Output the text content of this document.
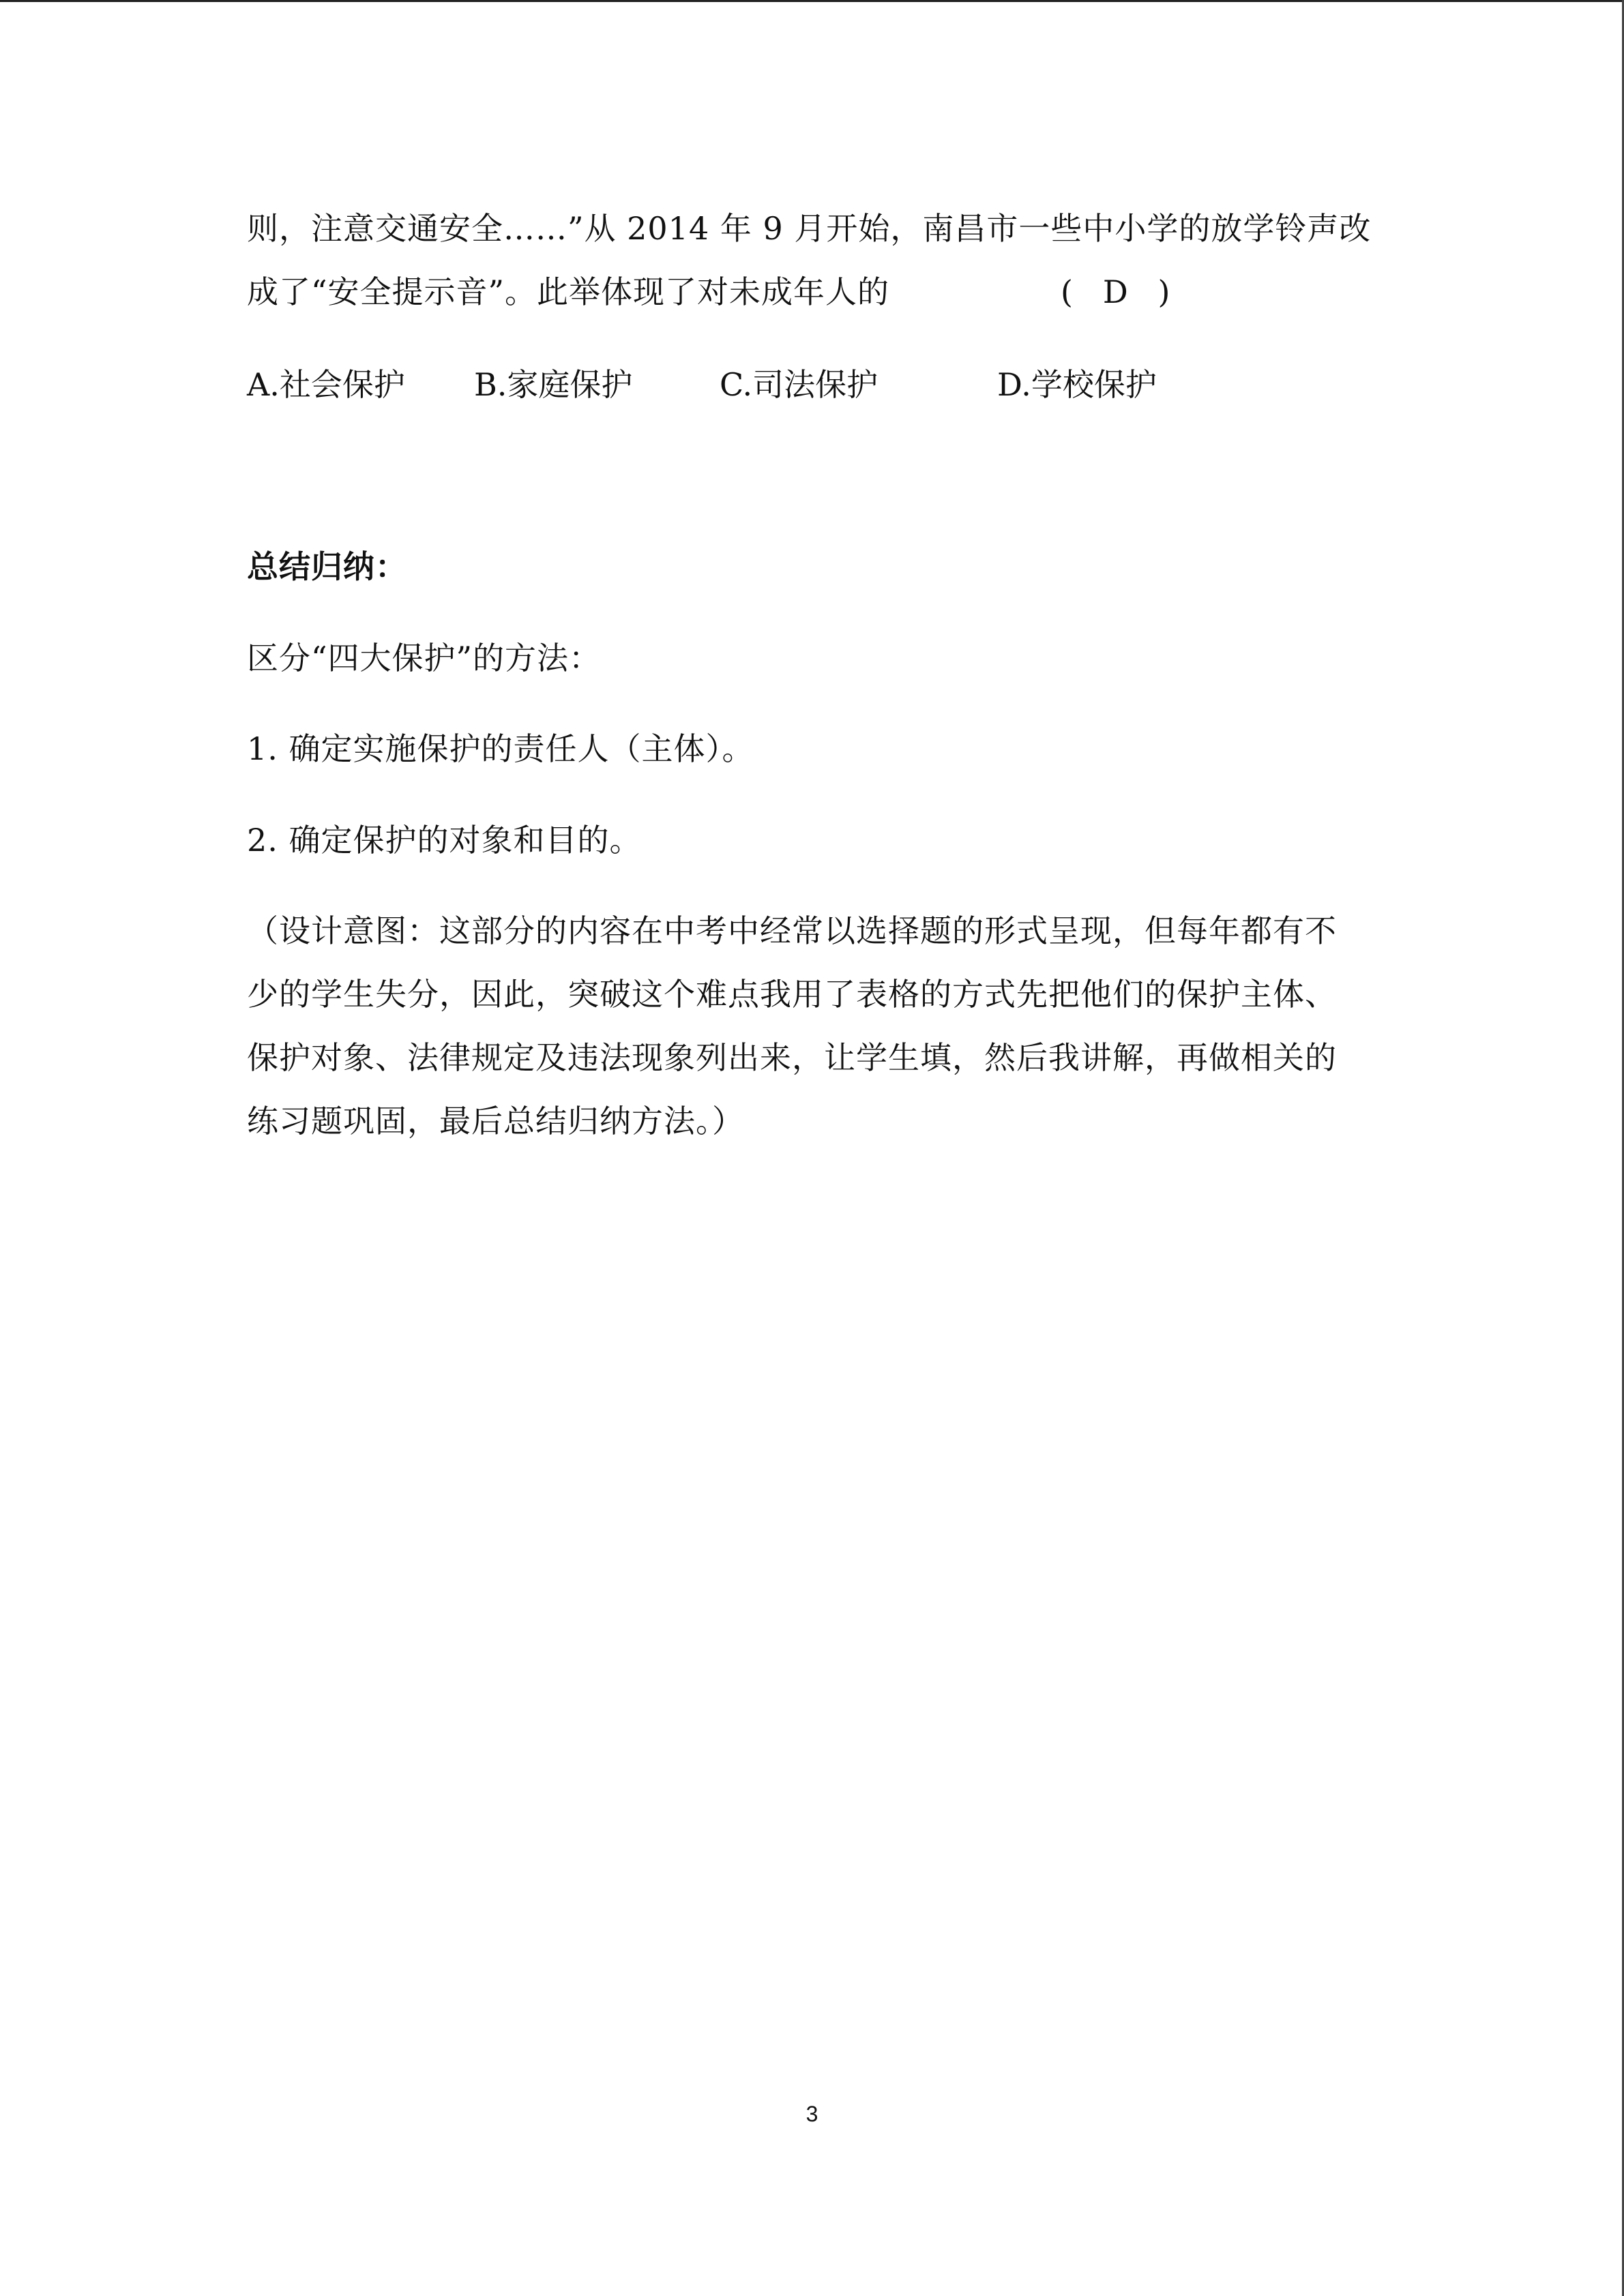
则，注意交通安全……”从 2014 年 9 月开始，南昌市一些中小学的放学铃声改
成了“安全提示音”。此举体现了对未成年人的	(   D   )
A.社会保护 B.家庭保护	C.司法保护	D.学校保护
总结归纳：
区分“四大保护”的方法：
1. 确定实施保护的责任人（主体）。
2. 确定保护的对象和目的。
（设计意图：这部分的内容在中考中经常以选择题的形式呈现，但每年都有不
少的学生失分，因此，突破这个难点我用了表格的方式先把他们的保护主体、
保护对象、法律规定及违法现象列出来，让学生填，然后我讲解，再做相关的
练习题巩固，最后总结归纳方法。）
3
